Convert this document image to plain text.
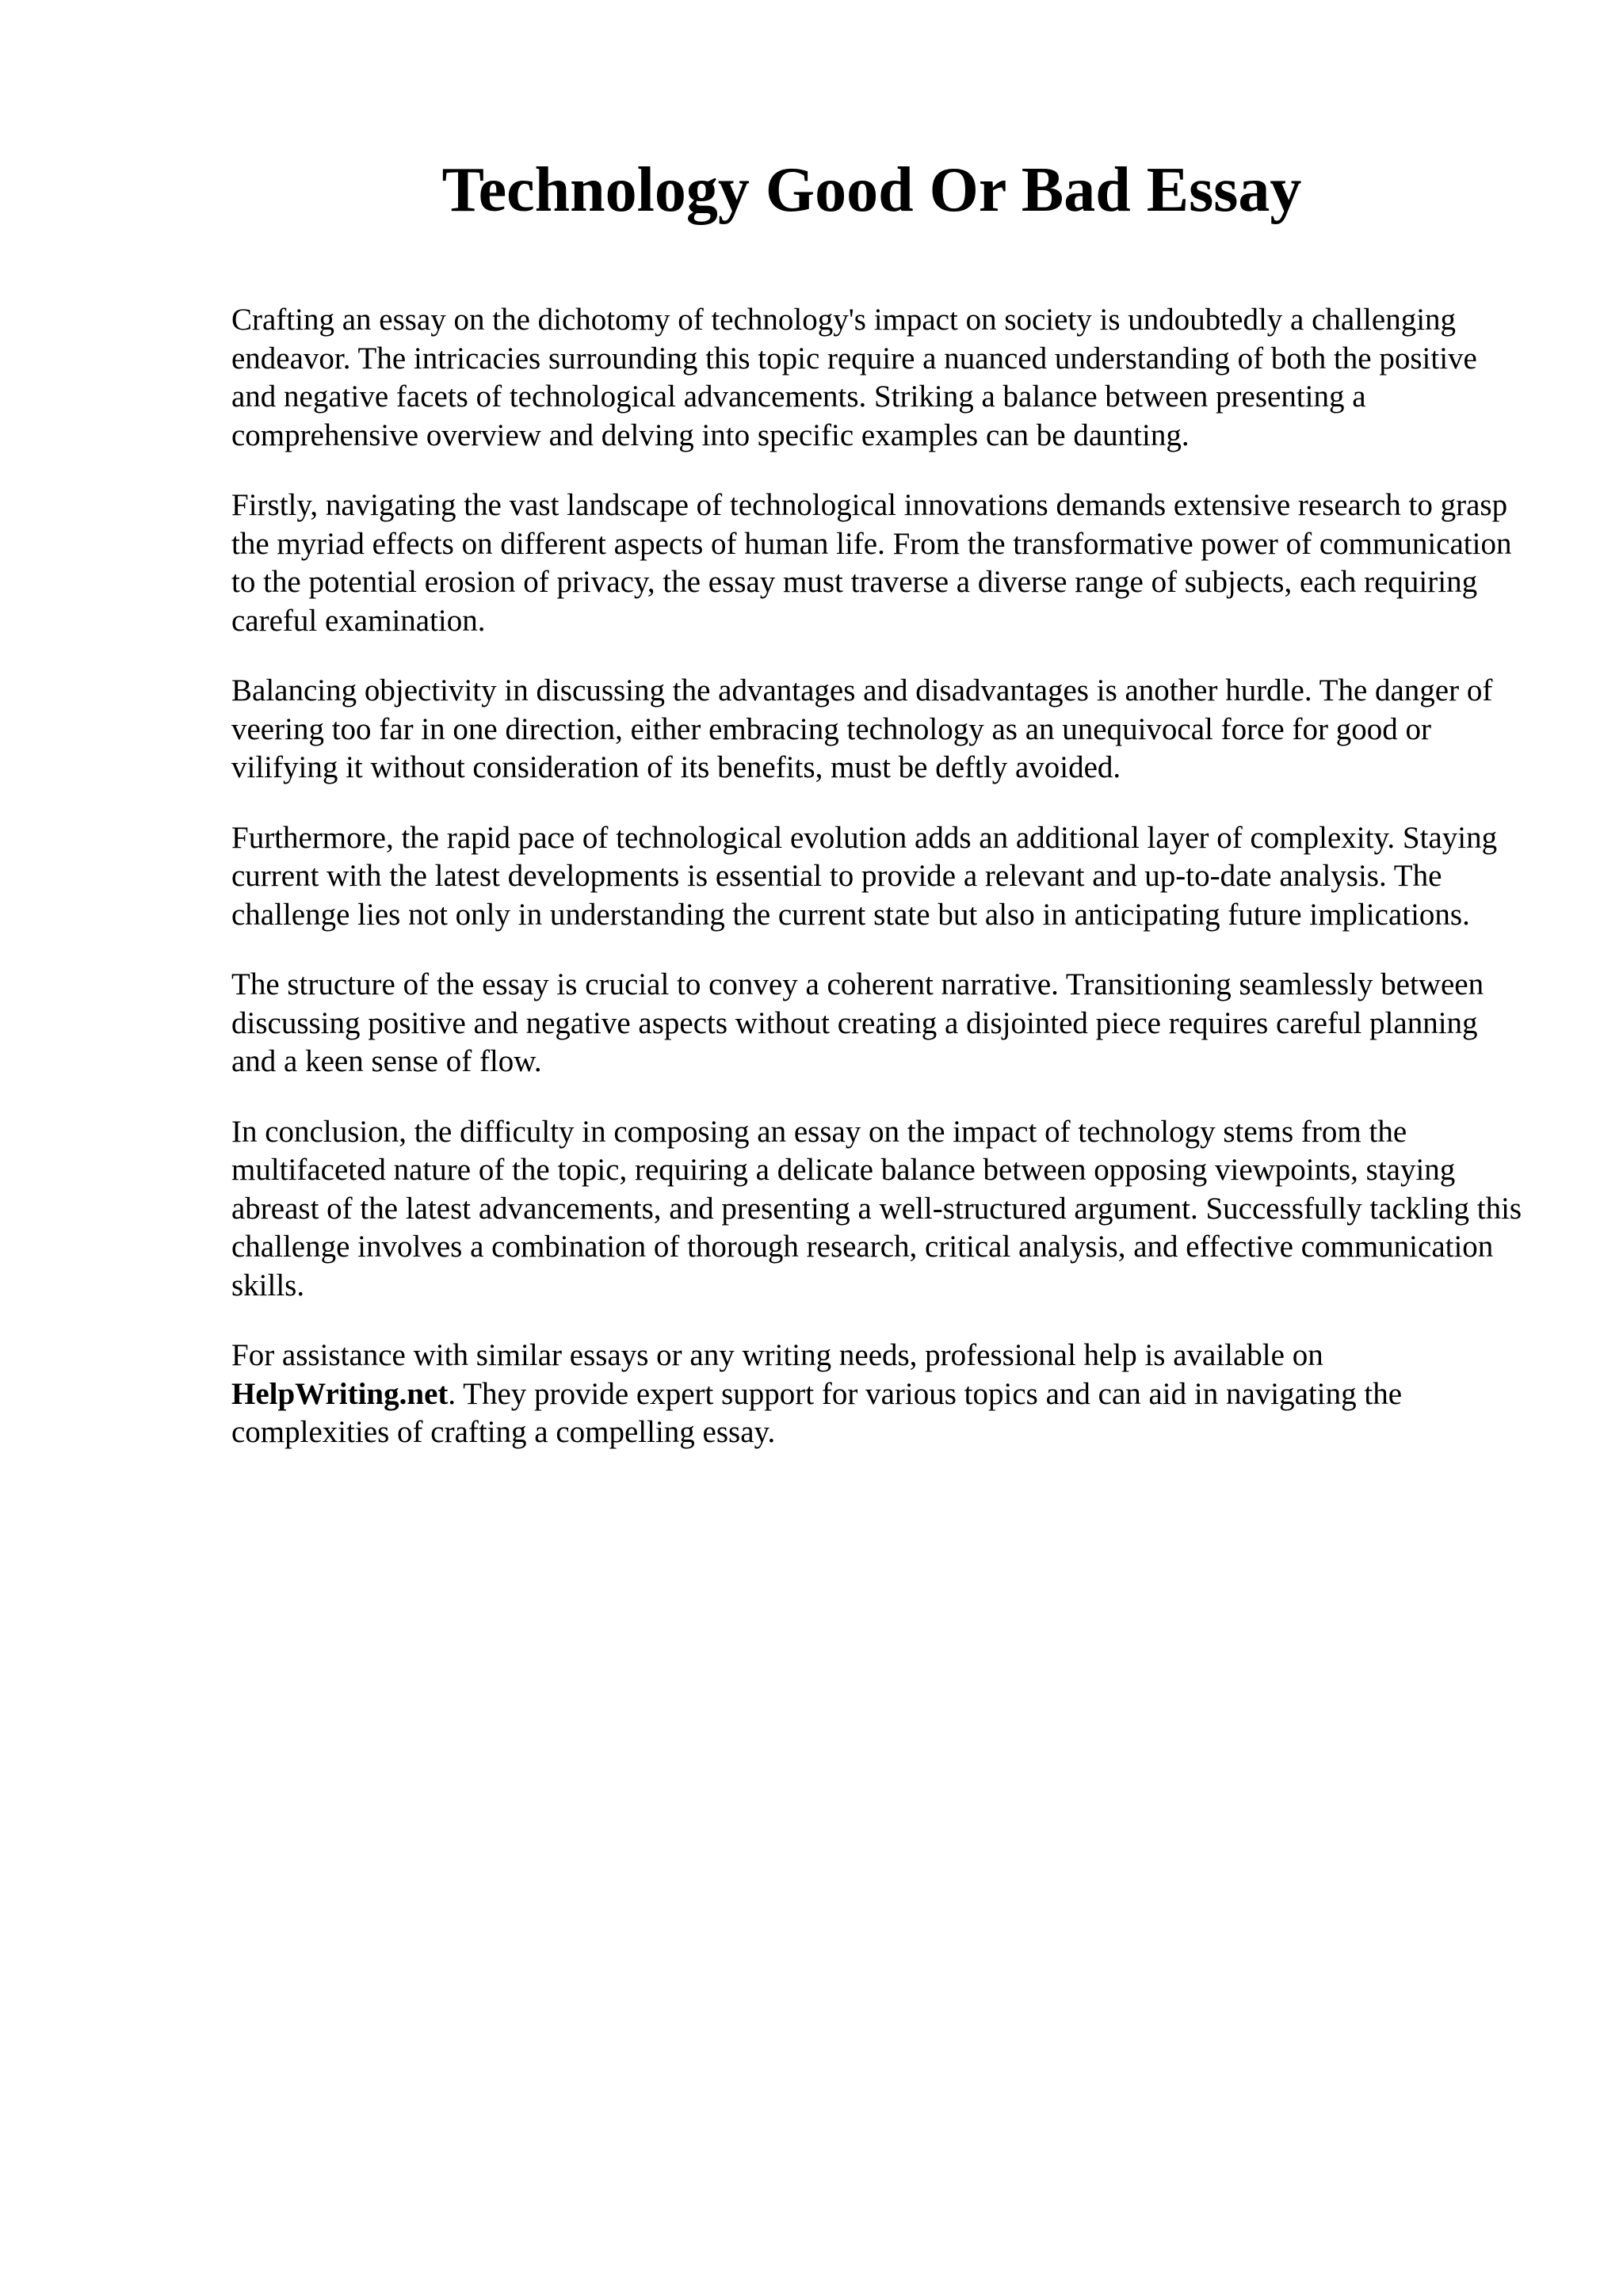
Technology Good Or Bad Essay

Crafting an essay on the dichotomy of technology's impact on society is undoubtedly a challenging endeavor. The intricacies surrounding this topic require a nuanced understanding of both the positive and negative facets of technological advancements. Striking a balance between presenting a comprehensive overview and delving into specific examples can be daunting.

Firstly, navigating the vast landscape of technological innovations demands extensive research to grasp the myriad effects on different aspects of human life. From the transformative power of communication to the potential erosion of privacy, the essay must traverse a diverse range of subjects, each requiring careful examination.

Balancing objectivity in discussing the advantages and disadvantages is another hurdle. The danger of veering too far in one direction, either embracing technology as an unequivocal force for good or vilifying it without consideration of its benefits, must be deftly avoided.

Furthermore, the rapid pace of technological evolution adds an additional layer of complexity. Staying current with the latest developments is essential to provide a relevant and up-to-date analysis. The challenge lies not only in understanding the current state but also in anticipating future implications.

The structure of the essay is crucial to convey a coherent narrative. Transitioning seamlessly between discussing positive and negative aspects without creating a disjointed piece requires careful planning and a keen sense of flow.

In conclusion, the difficulty in composing an essay on the impact of technology stems from the multifaceted nature of the topic, requiring a delicate balance between opposing viewpoints, staying abreast of the latest advancements, and presenting a well-structured argument. Successfully tackling this challenge involves a combination of thorough research, critical analysis, and effective communication skills.

For assistance with similar essays or any writing needs, professional help is available on HelpWriting.net. They provide expert support for various topics and can aid in navigating the complexities of crafting a compelling essay.
